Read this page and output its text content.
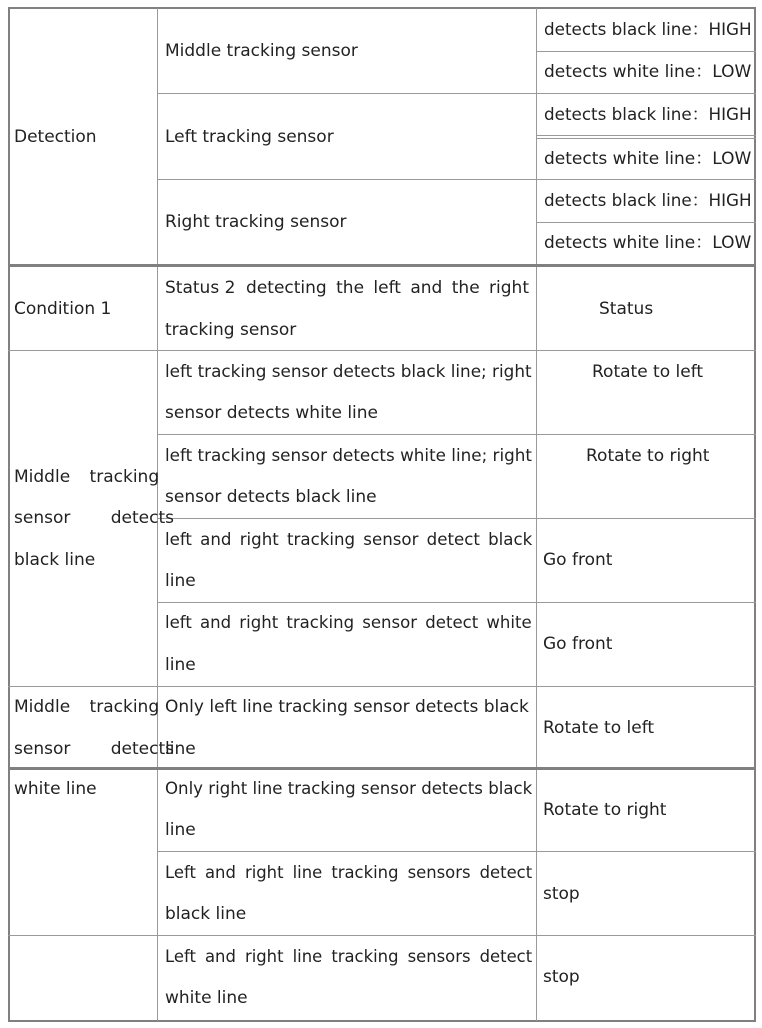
Detection
Middle tracking sensor
detects black line：HIGH
detects white line：LOW
Left tracking sensor
detects black line：HIGH
detects white line：LOW
Right tracking sensor
detects black line：HIGH
detects white line：LOW
Condition 1
Status 2 detecting the left and the right
tracking sensor
Status
Middle tracking
sensor detects
black line
left tracking sensor detects black line; right
sensor detects white line
Rotate to left
left tracking sensor detects white line; right
sensor detects black line
Rotate to right
left and right tracking sensor detect black
line
Go front
left and right tracking sensor detect white
line
Go front
Middle tracking
sensor detects
white line
Only left line tracking sensor detects black
line
Rotate to left
Only right line tracking sensor detects black
line
Rotate to right
Left and right line tracking sensors detect
black line
stop
Left and right line tracking sensors detect
white line
stop
